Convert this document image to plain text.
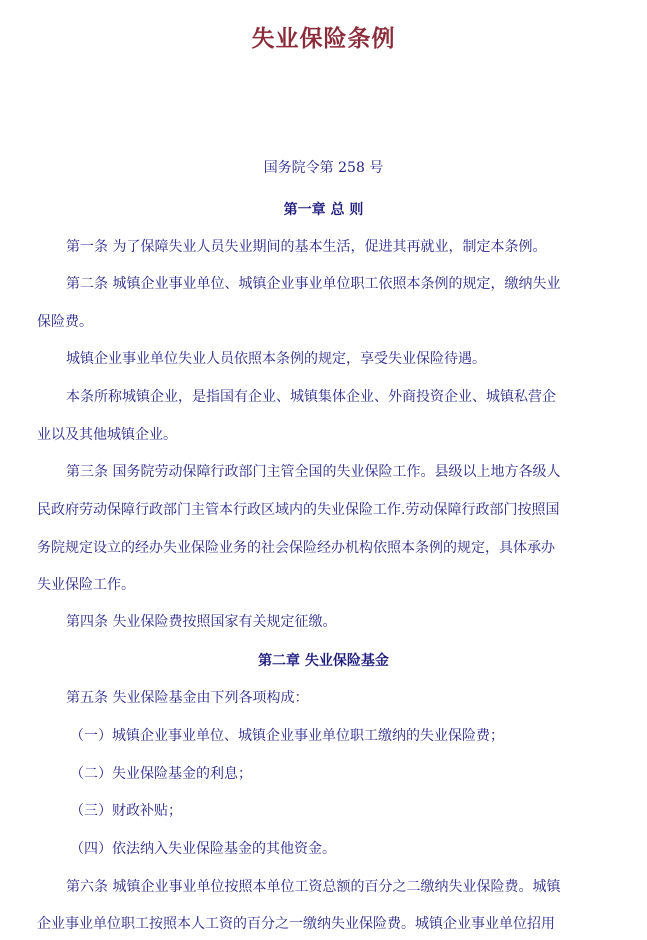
失业保险条例
国务院令第 258 号
第一章 总 则
第一条 为了保障失业人员失业期间的基本生活，促进其再就业，制定本条例。
第二条 城镇企业事业单位、城镇企业事业单位职工依照本条例的规定，缴纳失业
保险费。
城镇企业事业单位失业人员依照本条例的规定，享受失业保险待遇。
本条所称城镇企业，是指国有企业、城镇集体企业、外商投资企业、城镇私营企
业以及其他城镇企业。
第三条 国务院劳动保障行政部门主管全国的失业保险工作。县级以上地方各级人
民政府劳动保障行政部门主管本行政区域内的失业保险工作.劳动保障行政部门按照国
务院规定设立的经办失业保险业务的社会保险经办机构依照本条例的规定，具体承办
失业保险工作。
第四条 失业保险费按照国家有关规定征缴。
第二章 失业保险基金
第五条 失业保险基金由下列各项构成：
（一）城镇企业事业单位、城镇企业事业单位职工缴纳的失业保险费；
（二）失业保险基金的利息；
（三）财政补贴；
（四）依法纳入失业保险基金的其他资金。
第六条 城镇企业事业单位按照本单位工资总额的百分之二缴纳失业保险费。城镇
企业事业单位职工按照本人工资的百分之一缴纳失业保险费。城镇企业事业单位招用
